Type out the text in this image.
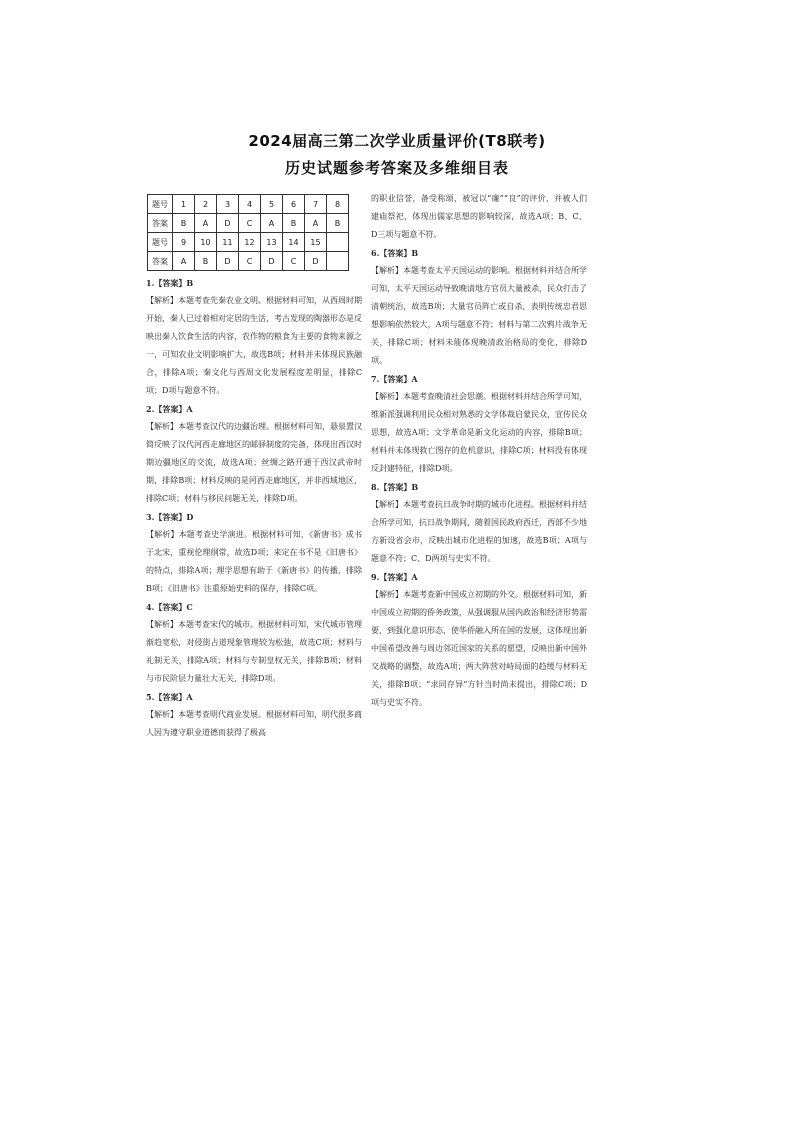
2024届高三第二次学业质量评价(T8联考)
历史试题参考答案及多维细目表
题号	1	2	3	4	5	6	7	8
答案	B	A	D	C	A	B	A	B
题号	9	10	11	12	13	14	15	
答案	A	B	D	C	D	C	D	

1.【答案】B

【解析】本题考查先秦农业文明。根据材料可知，从西周时期开始，秦人已过着相对定居的生活，考古发现的陶器形态是反映出秦人饮食生活的内容，农作物的粮食为主要的食物来源之一，可知农业文明影响扩大，故选B项；材料并未体现民族融合，排除A项；秦文化与西周文化发展程度差明显，排除C项；D项与题意不符。

2.【答案】A

【解析】本题考查汉代的边疆治理。根据材料可知，悬泉置汉简反映了汉代河西走廊地区的邮驿制度的完备，体现出西汉时期边疆地区的交流，故选A项；丝绸之路开通于西汉武帝时期，排除B项；材料反映的是河西走廊地区，并非西域地区，排除C项；材料与移民问题无关，排除D项。

3.【答案】D

【解析】本题考查史学演进。根据材料可知，《新唐书》成书于北宋，重视伦理纲常，故选D项；来定在书不是《旧唐书》的特点，排除A项；理学思想有助于《新唐书》的传播，排除B项；《旧唐书》注重原始史料的保存，排除C项。

4.【答案】C

【解析】本题考查宋代的城市。根据材料可知，宋代城市管理渐趋宽松，对侵街占道现象管理较为松弛，故选C项；材料与礼制无关，排除A项；材料与专制皇权无关，排除B项；材料与市民阶层力量壮大无关，排除D项。

5.【答案】A

【解析】本题考查明代商业发展。根据材料可知，明代很多商人因为遵守职业道德而获得了极高

的职业信誉，备受称颂，被冠以“廉”“良”的评价，并被人们建庙祭祀，体现出儒家思想的影响较深，故选A项；B、C、D三项与题意不符。

6.【答案】B

【解析】本题考查太平天国运动的影响。根据材料并结合所学可知，太平天国运动导致晚清地方官员大量被杀，民众打击了清朝统治，故选B项；大量官员阵亡或自杀，表明传统忠君思想影响依然较大，A项与题意不符；材料与第二次鸦片战争无关，排除C项；材料未能体现晚清政治格局的变化，排除D项。

7.【答案】A

【解析】本题考查晚清社会思潮。根据材料并结合所学可知，维新派强调利用民众相对熟悉的文学体裁启蒙民众，宣传民众思想，故选A项；文学革命是新文化运动的内容，排除B项；材料并未体现救亡图存的危机意识，排除C项；材料没有体现反封建特征，排除D项。

8.【答案】B

【解析】本题考查抗日战争时期的城市化进程。根据材料并结合所学可知，抗日战争期间，随着国民政府西迁，西部不少地方新设省会市，反映出城市化进程的加速，故选B项；A项与题意不符；C、D两项与史实不符。

9.【答案】A

【解析】本题考查新中国成立初期的外交。根据材料可知，新中国成立初期的侨务政策，从强调服从国内政治和经济形势需要，到强化意识形态，使华侨融入所在国的发展，这体现出新中国希望改善与周边邻近国家的关系的愿望，反映出新中国外交战略的调整，故选A项；两大阵营对峙局面的趋缓与材料无关，排除B项；“求同存异”方针当时尚未提出，排除C项；D项与史实不符。
